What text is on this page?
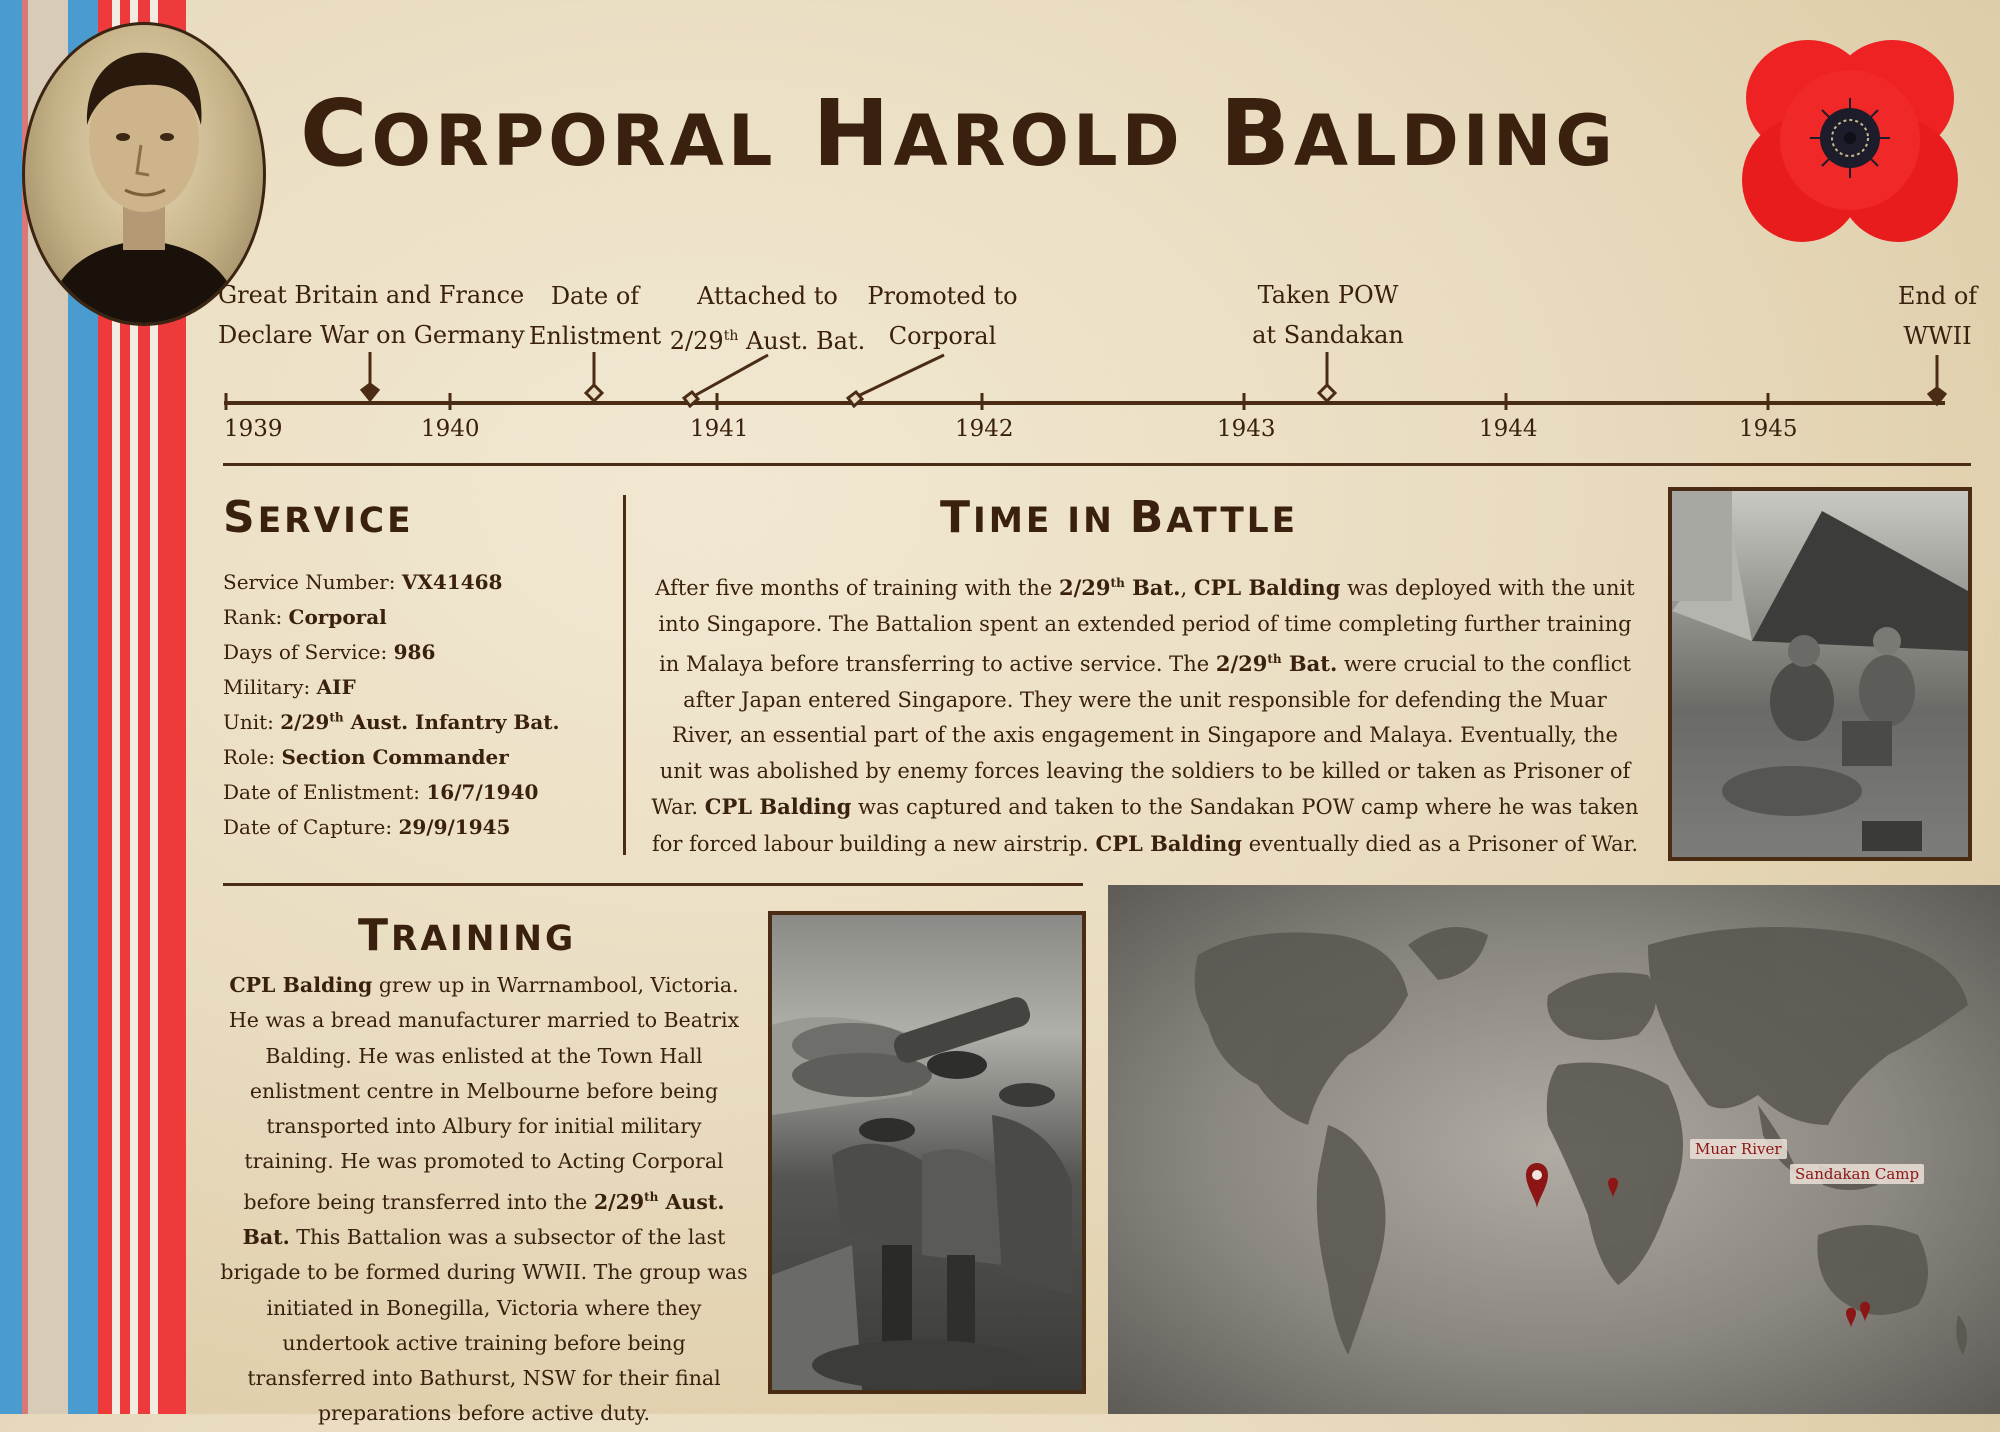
CORPORAL HAROLD BALDING
Great Britain and France
Declare War on Germany
Date of
Enlistment
Attached to
2/29th Aust. Bat.
Promoted to
Corporal
Taken POW
at Sandakan
End of
WWII
1939	1940	1941	1942	1943	1944	1945
SERVICE
Service Number: VX41468
Rank: Corporal
Days of Service: 986
Military: AIF
Unit: 2/29th Aust. Infantry Bat.
Role: Section Commander
Date of Enlistment: 16/7/1940
Date of Capture: 29/9/1945
TIME IN BATTLE
After five months of training with the 2/29th Bat., CPL Balding was deployed with the unit into Singapore. The Battalion spent an extended period of time completing further training in Malaya before transferring to active service. The 2/29th Bat. were crucial to the conflict after Japan entered Singapore. They were the unit responsible for defending the Muar River, an essential part of the axis engagement in Singapore and Malaya. Eventually, the unit was abolished by enemy forces leaving the soldiers to be killed or taken as Prisoner of War. CPL Balding was captured and taken to the Sandakan POW camp where he was taken for forced labour building a new airstrip. CPL Balding eventually died as a Prisoner of War.
TRAINING
CPL Balding grew up in Warrnambool, Victoria. He was a bread manufacturer married to Beatrix Balding. He was enlisted at the Town Hall enlistment centre in Melbourne before being transported into Albury for initial military training. He was promoted to Acting Corporal before being transferred into the 2/29th Aust. Bat. This Battalion was a subsector of the last brigade to be formed during WWII. The group was initiated in Bonegilla, Victoria where they undertook active training before being transferred into Bathurst, NSW for their final preparations before active duty.
Muar River
Sandakan Camp
